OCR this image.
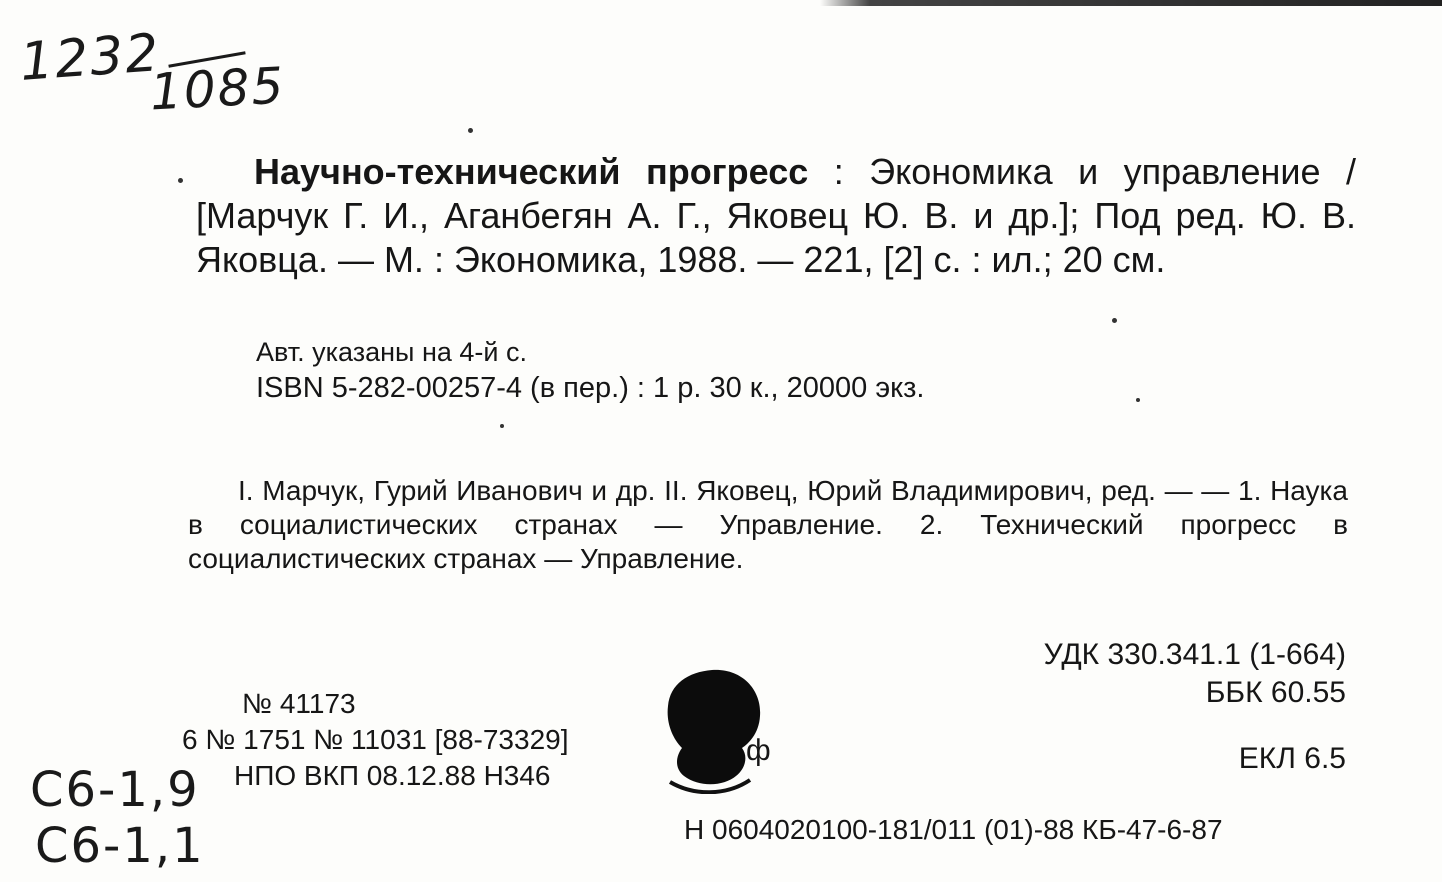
1232
1085
Научно-технический прогресс : Экономика и управление / [Марчук Г. И., Аганбегян А. Г., Яковец Ю. В. и др.]; Под ред. Ю. В. Яковца. — М. : Экономика, 1988. — 221, [2] с. : ил.; 20 см.
Авт. указаны на 4-й с.
ISBN 5-282-00257-4 (в пер.) : 1 р. 30 к., 20000 экз.
I. Марчук, Гурий Иванович и др. II. Яковец, Юрий Владимирович, ред. — — 1. Наука в социалистических странах — Управление. 2. Технический прогресс в социалистических странах — Управление.
УДК 330.341.1 (1-664)
ББК 60.55
ЕКЛ 6.5
№ 41173
6 № 1751 № 11031 [88-73329]
НПО ВКП 08.12.88 Н346
ф
Н 0604020100-181/011 (01)-88 КБ-47-6-87
С6-1,9
С6-1,1
